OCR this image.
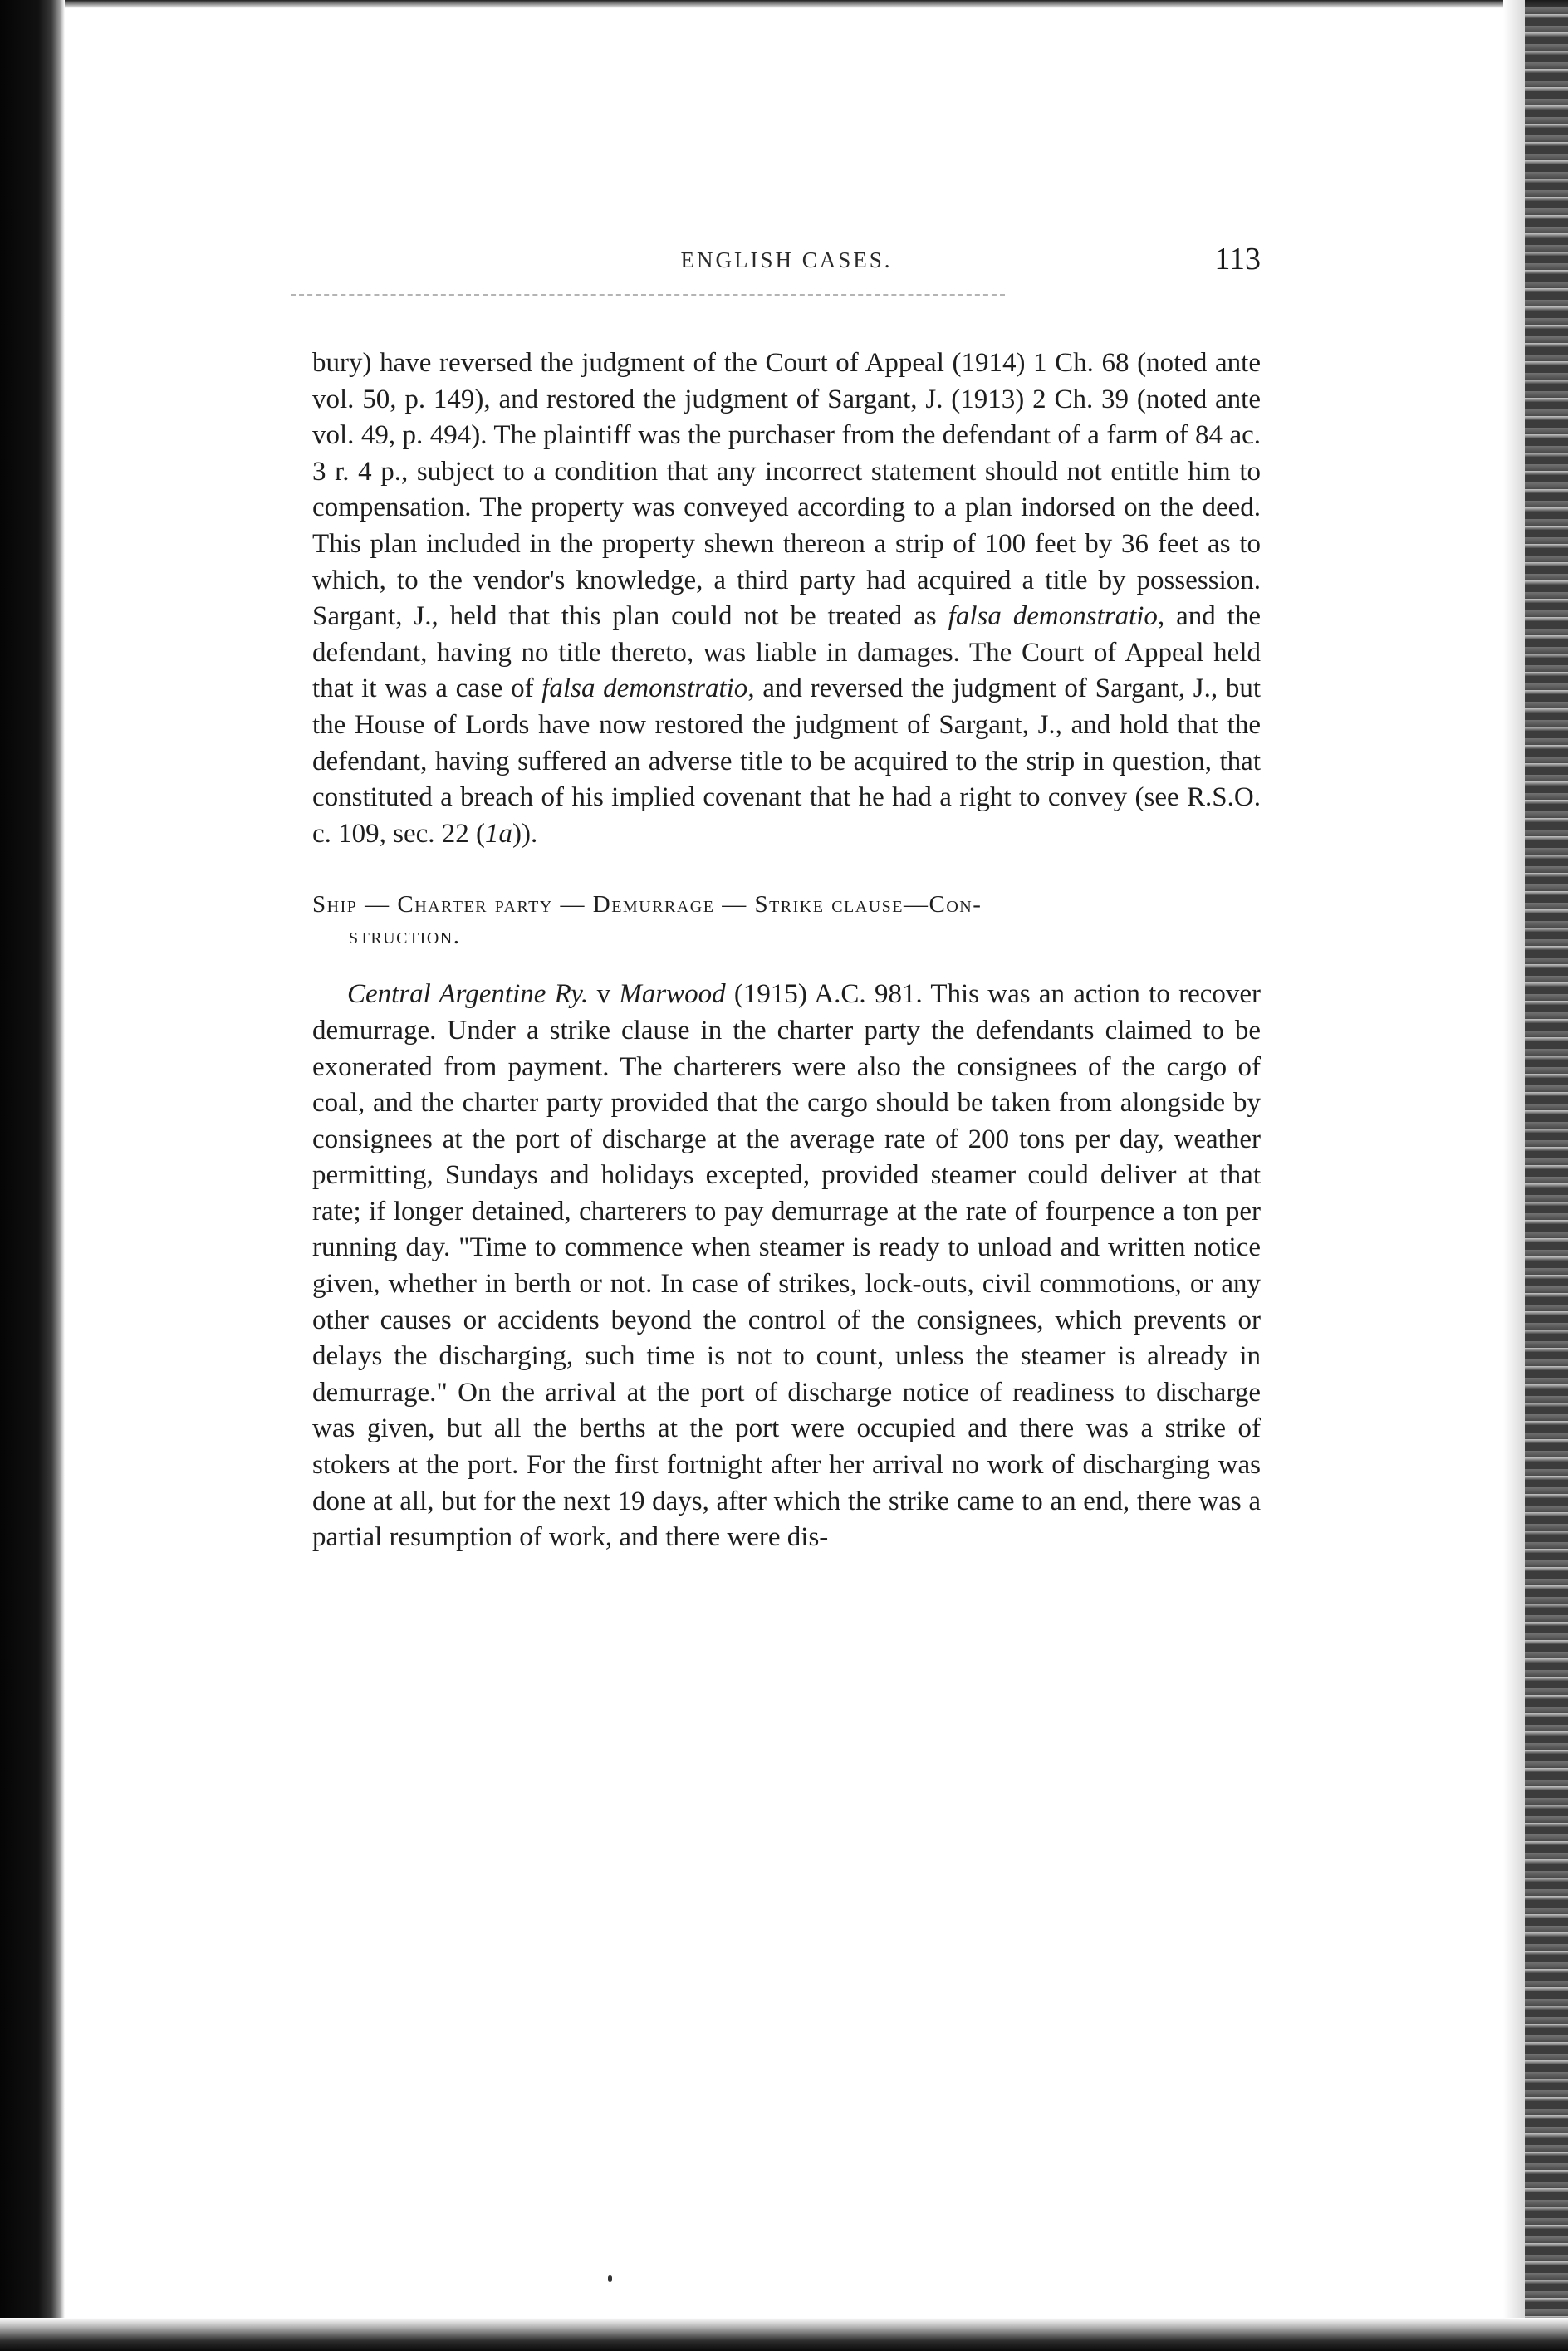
ENGLISH CASES.	113

bury) have reversed the judgment of the Court of Appeal (1914) 1 Ch. 68 (noted ante vol. 50, p. 149), and restored the judgment of Sargant, J. (1913) 2 Ch. 39 (noted ante vol. 49, p. 494). The plaintiff was the purchaser from the defendant of a farm of 84 ac. 3 r. 4 p., subject to a condition that any incorrect statement should not entitle him to compensation. The property was conveyed according to a plan indorsed on the deed. This plan included in the property shewn thereon a strip of 100 feet by 36 feet as to which, to the vendor's knowledge, a third party had acquired a title by possession. Sargant, J., held that this plan could not be treated as falsa demonstratio, and the defendant, having no title thereto, was liable in damages. The Court of Appeal held that it was a case of falsa demonstratio, and reversed the judgment of Sargant, J., but the House of Lords have now restored the judgment of Sargant, J., and hold that the defendant, having suffered an adverse title to be acquired to the strip in question, that constituted a breach of his implied covenant that he had a right to convey (see R.S.O. c. 109, sec. 22 (1a)).

Ship — Charter party — Demurrage — Strike clause—Con-
struction.

Central Argentine Ry. v Marwood (1915) A.C. 981. This was an action to recover demurrage. Under a strike clause in the charter party the defendants claimed to be exonerated from payment. The charterers were also the consignees of the cargo of coal, and the charter party provided that the cargo should be taken from alongside by consignees at the port of discharge at the average rate of 200 tons per day, weather permitting, Sundays and holidays excepted, provided steamer could deliver at that rate; if longer detained, charterers to pay demurrage at the rate of fourpence a ton per running day. "Time to commence when steamer is ready to unload and written notice given, whether in berth or not. In case of strikes, lock-outs, civil commotions, or any other causes or accidents beyond the control of the consignees, which prevents or delays the discharging, such time is not to count, unless the steamer is already in demurrage." On the arrival at the port of discharge notice of readiness to discharge was given, but all the berths at the port were occupied and there was a strike of stokers at the port. For the first fortnight after her arrival no work of discharging was done at all, but for the next 19 days, after which the strike came to an end, there was a partial resumption of work, and there were dis-
